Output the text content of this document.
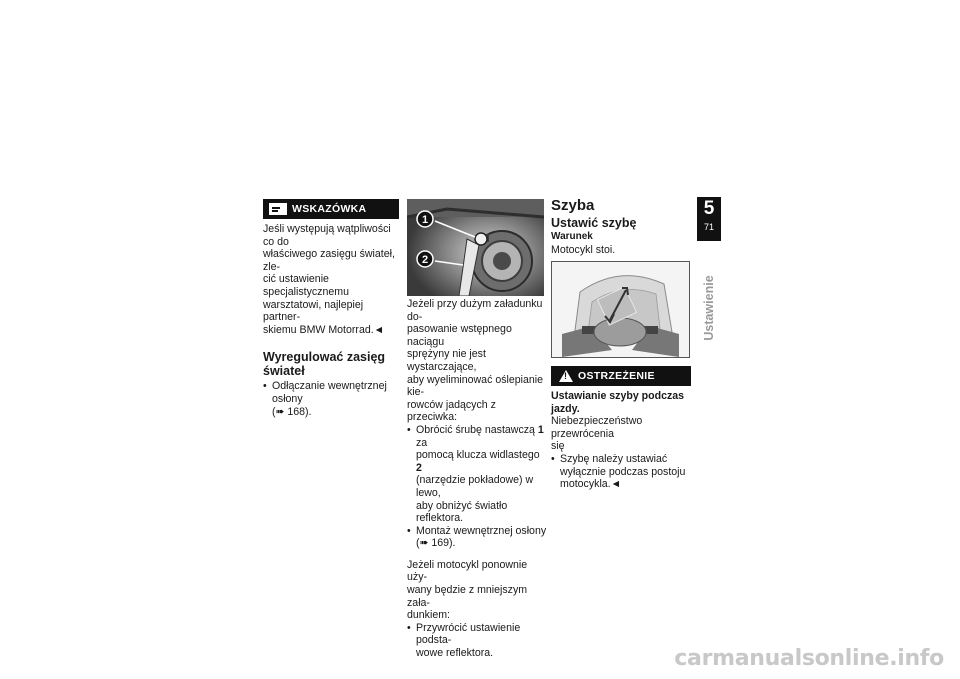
WSKAZÓWKA

Jeśli występują wątpliwości co do

właściwego zasięgu świateł, zle-

cić ustawienie specjalistycznemu

warsztatowi, najlepiej partner-

skiemu BMW Motorrad.◄

Wyregulować zasięg
świateł
• Odłączanie wewnętrznej osłony
(➠ 168).
1
2

Jeżeli przy dużym załadunku do-

pasowanie wstępnego naciągu

sprężyny nie jest wystarczające,

aby wyeliminować oślepianie kie-

rowców jadących z przeciwka:

• Obrócić śrubę nastawczą 1 za
pomocą klucza widlastego 2
(narzędzie pokładowe) w lewo,
aby obniżyć światło reflektora.
• Montaż wewnętrznej osłony
(➠ 169).

Jeżeli motocykl ponownie uży-

wany będzie z mniejszym zała-

dunkiem:

• Przywrócić ustawienie podsta-
wowe reflektora.
Szyba
Ustawić szybę

Warunek

Motocykl stoi.

! OSTRZEŻENIE

Ustawianie szyby podczas

jazdy.

Niebezpieczeństwo przewrócenia

się

• Szybę należy ustawiać
wyłącznie podczas postoju
motocykla.◄
5
71
Ustawienie
carmanualsonline.info
